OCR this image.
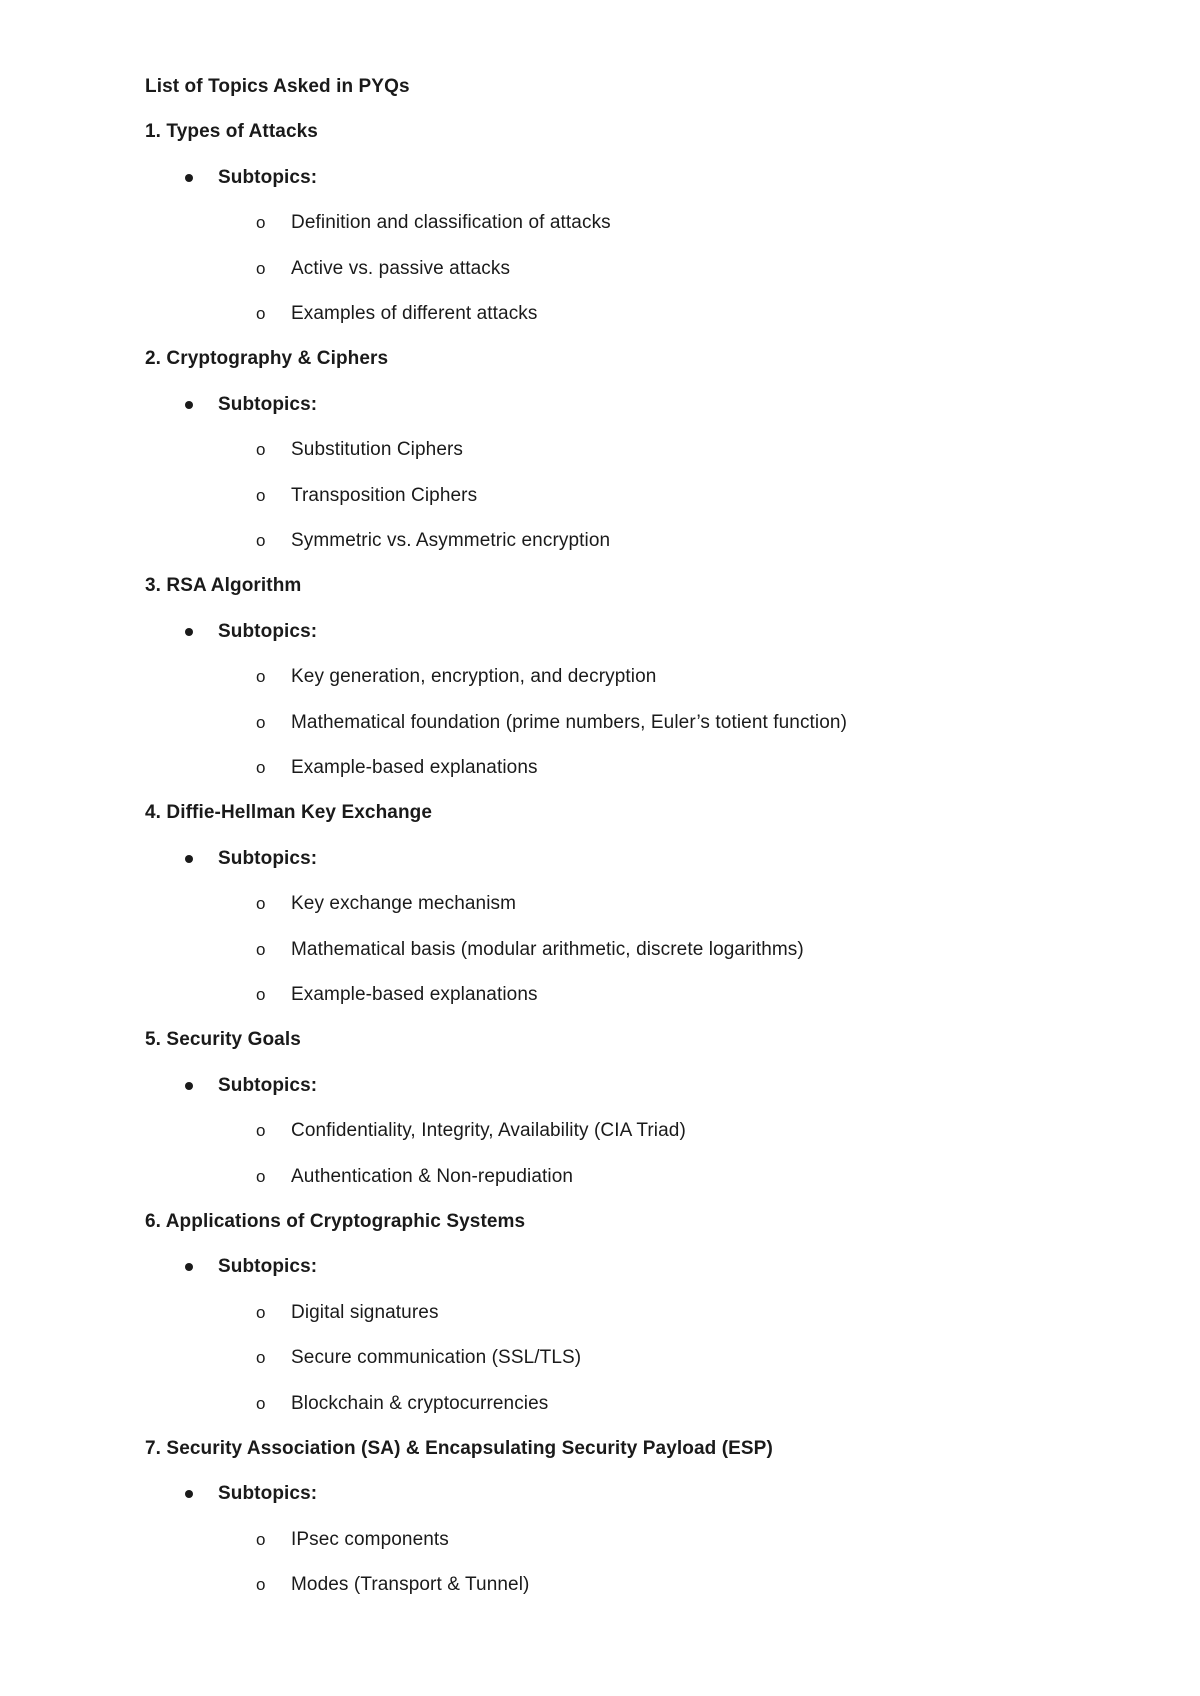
List of Topics Asked in PYQs
1. Types of Attacks
Subtopics:
o Definition and classification of attacks
o Active vs. passive attacks
o Examples of different attacks
2. Cryptography & Ciphers
Subtopics:
o Substitution Ciphers
o Transposition Ciphers
o Symmetric vs. Asymmetric encryption
3. RSA Algorithm
Subtopics:
o Key generation, encryption, and decryption
o Mathematical foundation (prime numbers, Euler’s totient function)
o Example-based explanations
4. Diffie-Hellman Key Exchange
Subtopics:
o Key exchange mechanism
o Mathematical basis (modular arithmetic, discrete logarithms)
o Example-based explanations
5. Security Goals
Subtopics:
o Confidentiality, Integrity, Availability (CIA Triad)
o Authentication & Non-repudiation
6. Applications of Cryptographic Systems
Subtopics:
o Digital signatures
o Secure communication (SSL/TLS)
o Blockchain & cryptocurrencies
7. Security Association (SA) & Encapsulating Security Payload (ESP)
Subtopics:
o IPsec components
o Modes (Transport & Tunnel)
